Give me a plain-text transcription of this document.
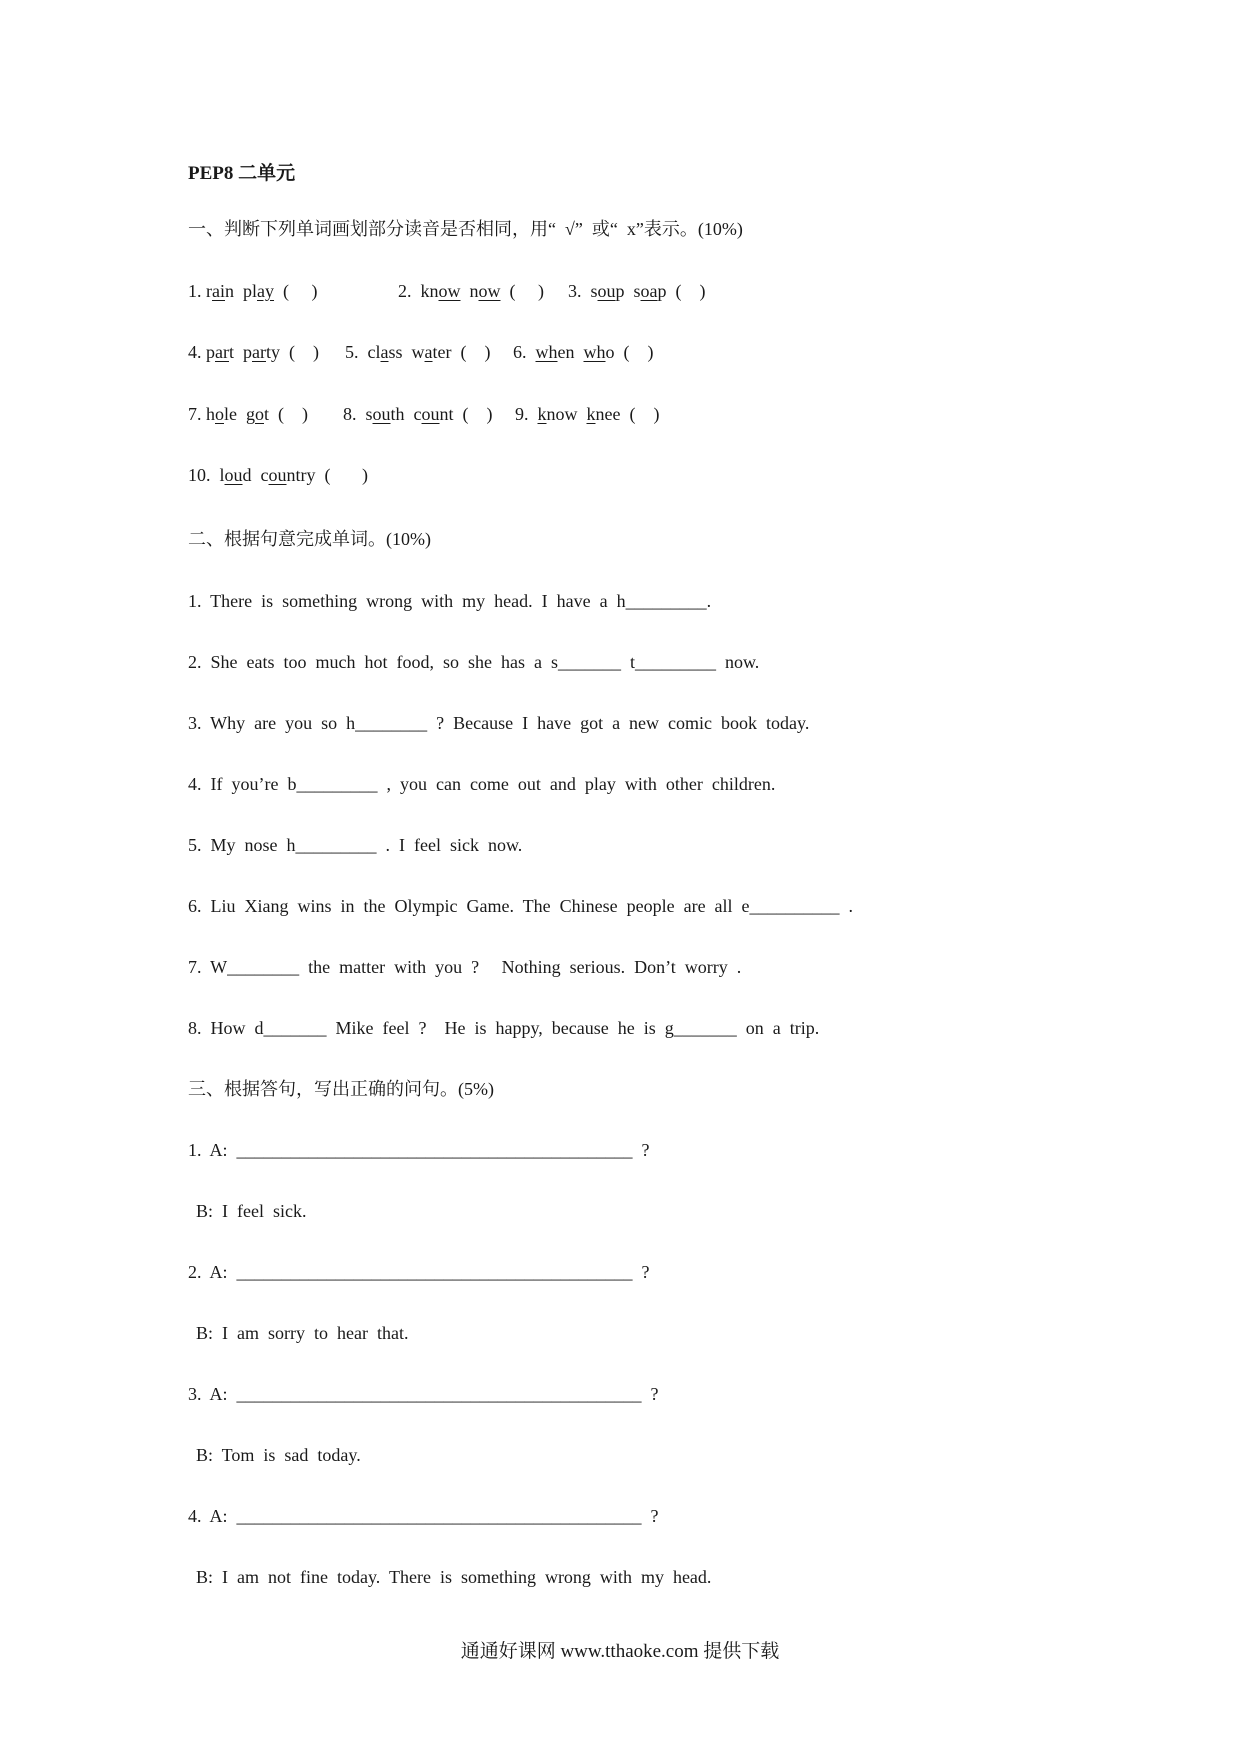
PEP8 二单元
一、判断下列单词画划部分读音是否相同，用“  √”  或“  x”表示。(10%)
1. rain  play  (     )	2.  know  now  (     ) 3.  soup  soap  (    )
4. part  party  (    ) 5.  class  water  (    ) 6.  when  who  (    )
7. hole  got  (    ) 8.  south  count  (    ) 9.  know  knee  (    )
10.  loud  country  (       )
二、根据句意完成单词。(10%)
1.  There  is  something  wrong  with  my  head.  I  have  a  h_________.
2.  She  eats  too  much  hot  food,  so  she  has  a  s_______  t_________  now.
3.  Why  are  you  so  h________  ?  Because  I  have  got  a  new  comic  book  today.
4.  If  you’re  b_________  ,  you  can  come  out  and  play  with  other  children.
5.  My  nose  h_________  .  I  feel  sick  now.
6.  Liu  Xiang  wins  in  the  Olympic  Game.  The  Chinese  people  are  all  e__________  .
7.  W________  the  matter  with  you  ?     Nothing  serious.  Don’t  worry  .
8.  How  d_______  Mike  feel  ?    He  is  happy,  because  he  is  g_______  on  a  trip.
三、根据答句，写出正确的问句。(5%)
1.  A:  ____________________________________________  ?
B:  I  feel  sick.
2.  A:  ____________________________________________  ?
B:  I  am  sorry  to  hear  that.
3.  A:  _____________________________________________  ?
B:  Tom  is  sad  today.
4.  A:  _____________________________________________  ?
B:  I  am  not  fine  today.  There  is  something  wrong  with  my  head.
通通好课网 www.tthaoke.com 提供下载
